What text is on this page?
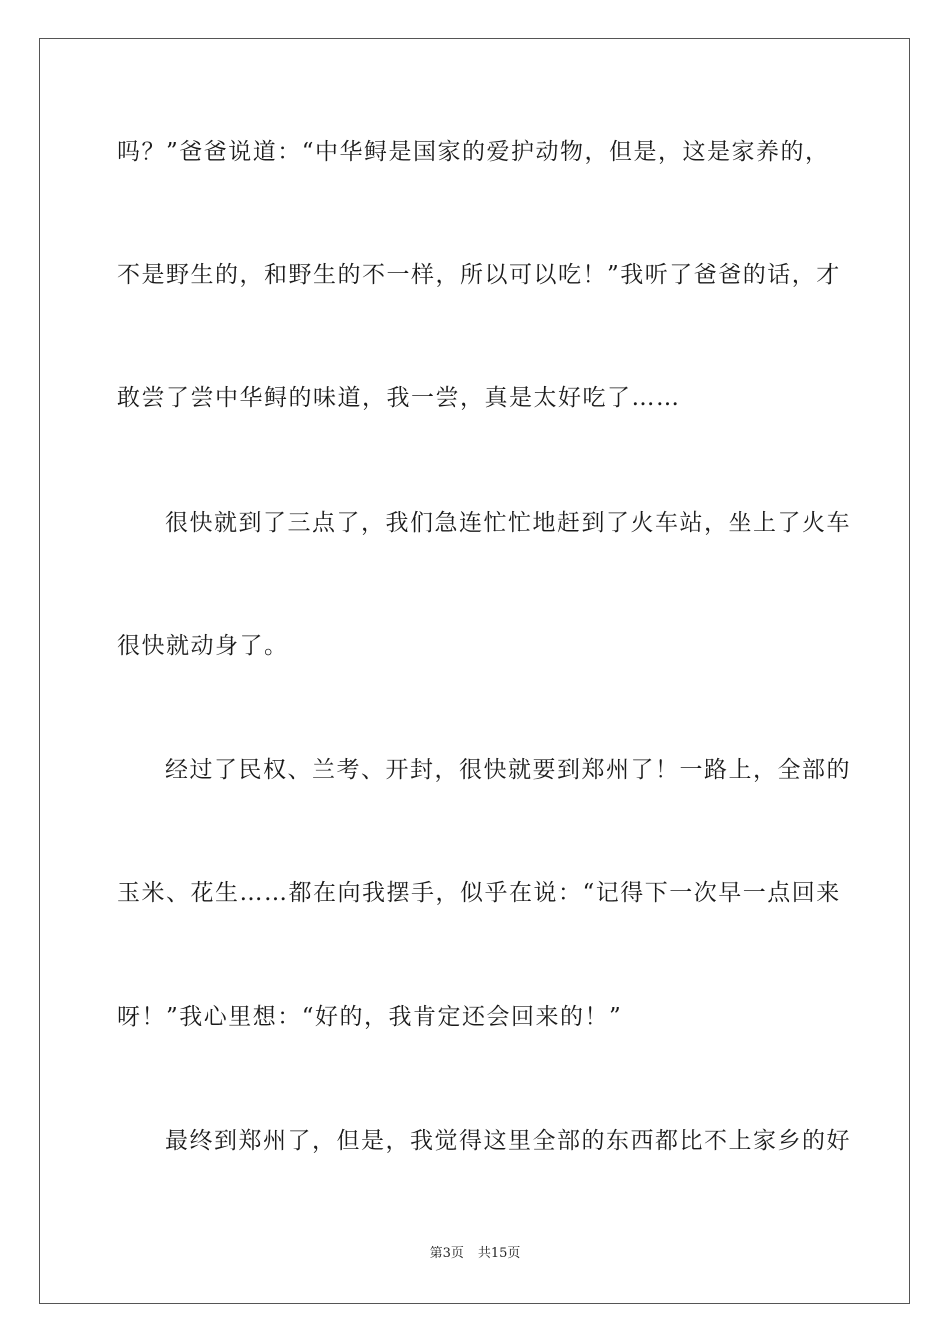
吗？”爸爸说道：“中华鲟是国家的爱护动物，但是，这是家养的，
不是野生的，和野生的不一样，所以可以吃！”我听了爸爸的话，才
敢尝了尝中华鲟的味道，我一尝，真是太好吃了……
很快就到了三点了，我们急连忙忙地赶到了火车站，坐上了火车
很快就动身了。
经过了民权、兰考、开封，很快就要到郑州了！一路上，全部的
玉米、花生……都在向我摆手，似乎在说：“记得下一次早一点回来
呀！”我心里想：“好的，我肯定还会回来的！”
最终到郑州了，但是，我觉得这里全部的东西都比不上家乡的好
第3页 共15页
